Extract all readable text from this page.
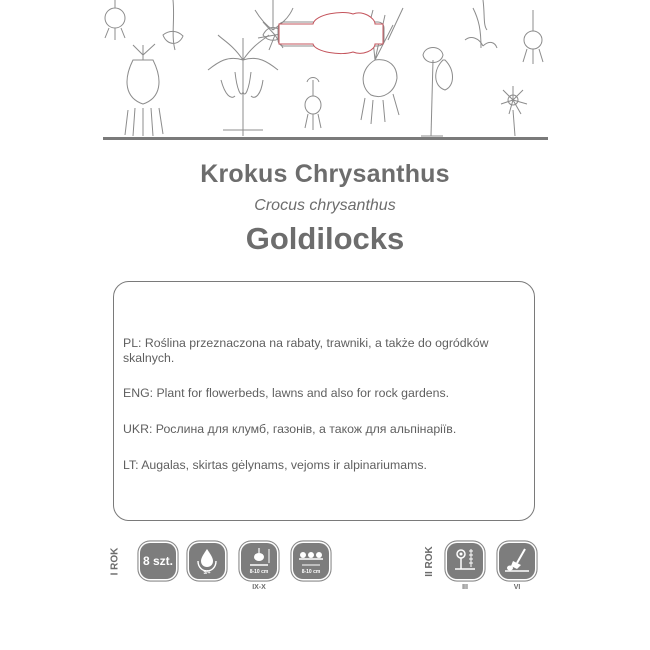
Krokus Chrysanthus
Crocus chrysanthus
Goldilocks

PL: Roślina przeznaczona na rabaty, trawniki, a także do ogródków skalnych.

ENG: Plant for flowerbeds, lawns and also for rock gardens.

UKR: Рослина для клумб, газонів, а також для альпінаріїв.

LT: Augalas, skirtas gėlynams, vejoms ir alpinariumams.

I ROK 8 szt.
5/+	8-10 cm
IX-X
8-10 cm	II ROK
III	VI
